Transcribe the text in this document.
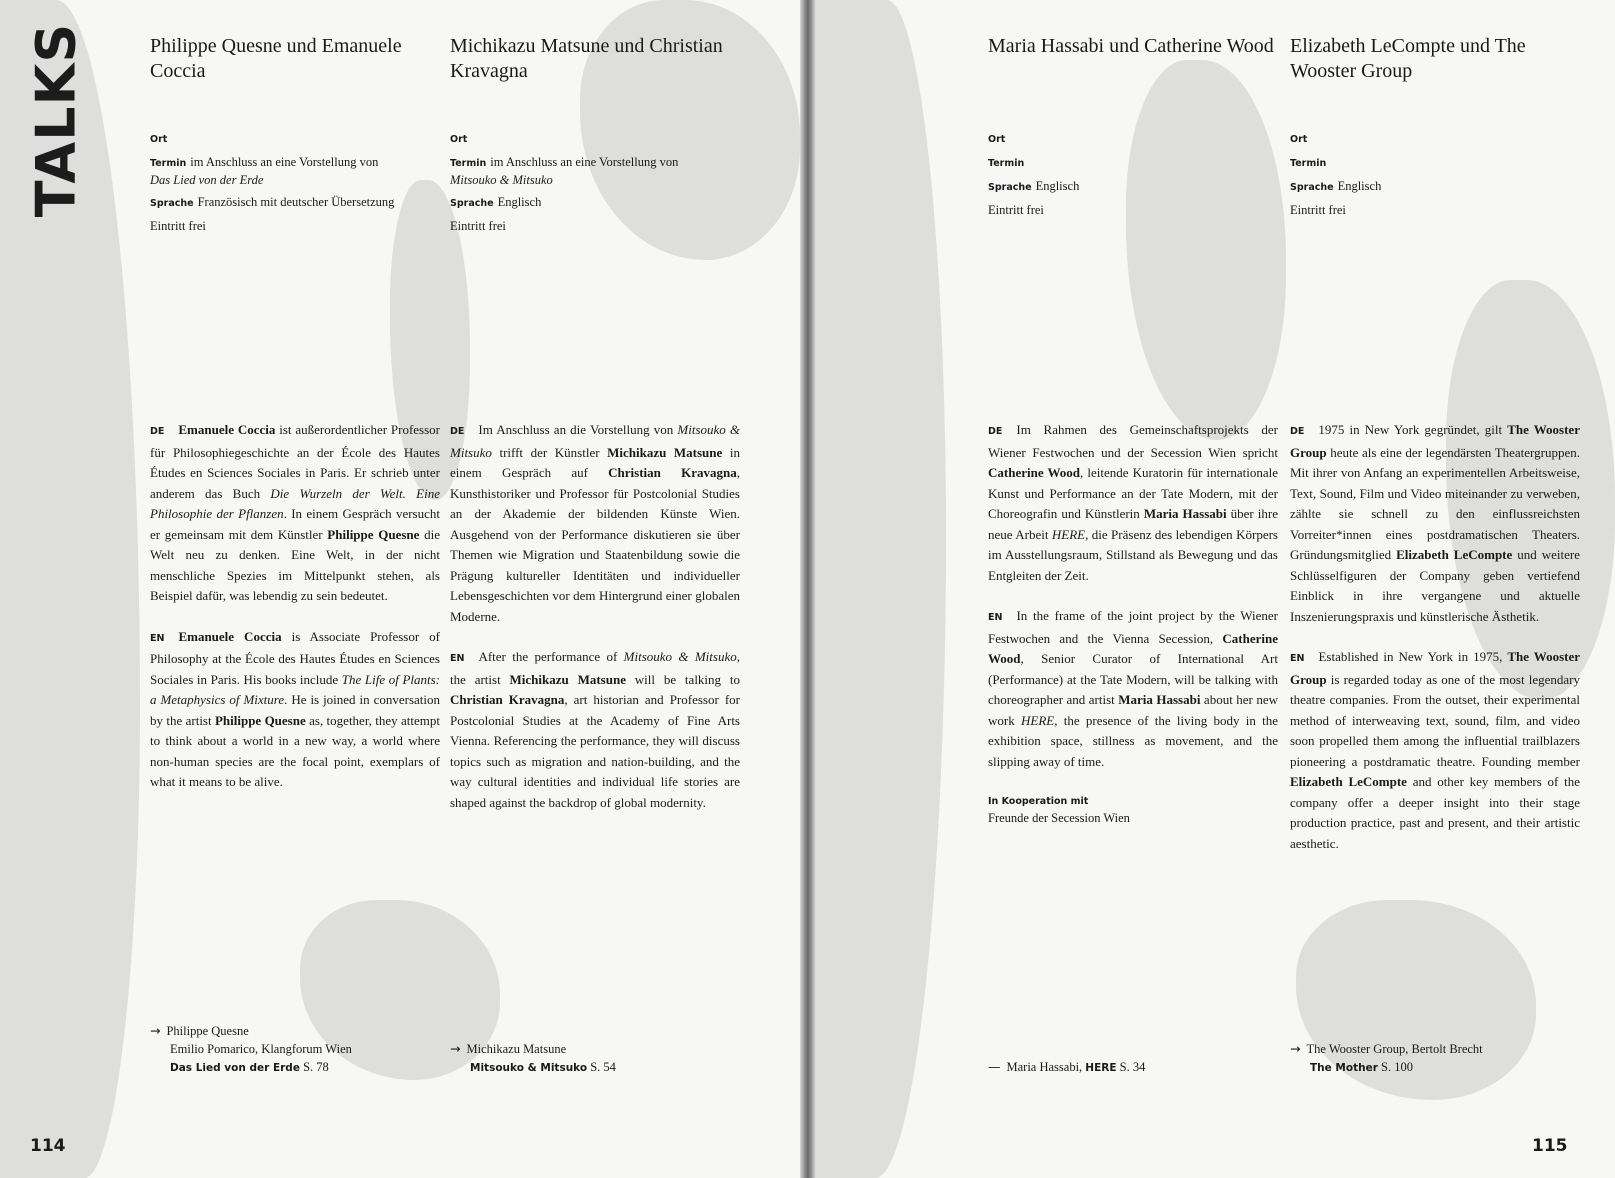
TALKS	Philippe Quesne und Emanuele Coccia
Ort
Termin im Anschluss an eine Vorstellung von
Das Lied von der Erde
Sprache Französisch mit deutscher Übersetzung
Eintritt frei

DE Emanuele Coccia ist außerordentlicher Professor für Philosophiegeschichte an der École des Hautes Études en Sciences Sociales in Paris. Er schrieb unter anderem das Buch Die Wurzeln der Welt. Eine Philosophie der Pflanzen. In einem Gespräch versucht er gemeinsam mit dem Künstler Philippe Quesne die Welt neu zu denken. Eine Welt, in der nicht menschliche Spezies im Mittelpunkt stehen, als Beispiel dafür, was lebendig zu sein bedeutet.

EN Emanuele Coccia is Associate Professor of Philosophy at the École des Hautes Études en Sciences Sociales in Paris. His books include The Life of Plants: a Metaphysics of Mixture. He is joined in conversation by the artist Philippe Quesne as, together, they attempt to think about a world in a new way, a world where non-human species are the focal point, exemplars of what it means to be alive.

→ Philippe Quesne
Emilio Pomarico, Klangforum Wien
Das Lied von der Erde S. 78
Michikazu Matsune und Christian Kravagna
Ort
Termin im Anschluss an eine Vorstellung von
Mitsouko & Mitsuko
Sprache Englisch
Eintritt frei

DE Im Anschluss an die Vorstellung von Mitsouko & Mitsuko trifft der Künstler Michikazu Matsune in einem Gespräch auf Christian Kravagna, Kunsthistoriker und Professor für Postcolonial Studies an der Akademie der bildenden Künste Wien. Ausgehend von der Performance diskutieren sie über Themen wie Migration und Staatenbildung sowie die Prägung kultureller Identitäten und individueller Lebensgeschichten vor dem Hintergrund einer globalen Moderne.

EN After the performance of Mitsouko & Mitsuko, the artist Michikazu Matsune will be talking to Christian Kravagna, art historian and Professor for Postcolonial Studies at the Academy of Fine Arts Vienna. Referencing the performance, they will discuss topics such as migration and nation-building, and the way cultural identities and individual life stories are shaped against the backdrop of global modernity.

→ Michikazu Matsune
Mitsouko & Mitsuko S. 54
114
Maria Hassabi und Catherine Wood
Ort
Termin
Sprache Englisch
Eintritt frei

DE Im Rahmen des Gemeinschaftsprojekts der Wiener Festwochen und der Secession Wien spricht Catherine Wood, leitende Kuratorin für internationale Kunst und Performance an der Tate Modern, mit der Choreografin und Künstlerin Maria Hassabi über ihre neue Arbeit HERE, die Präsenz des lebendigen Körpers im Ausstellungsraum, Stillstand als Bewegung und das Entgleiten der Zeit.

EN In the frame of the joint project by the Wiener Festwochen and the Vienna Secession, Catherine Wood, Senior Curator of International Art (Performance) at the Tate Modern, will be talking with choreographer and artist Maria Hassabi about her new work HERE, the presence of the living body in the exhibition space, stillness as movement, and the slipping away of time.

In Kooperation mit
Freunde der Secession Wien
— Maria Hassabi, HERE S. 34
Elizabeth LeCompte und The Wooster Group
Ort
Termin
Sprache Englisch
Eintritt frei

DE 1975 in New York gegründet, gilt The Wooster Group heute als eine der legendärsten Theatergruppen. Mit ihrer von Anfang an experimentellen Arbeitsweise, Text, Sound, Film und Video miteinander zu verweben, zählte sie schnell zu den einflussreichsten Vorreiter*innen eines postdramatischen Theaters. Gründungsmitglied Elizabeth LeCompte und weitere Schlüsselfiguren der Company geben vertiefend Einblick in ihre vergangene und aktuelle Inszenierungspraxis und künstlerische Ästhetik.

EN Established in New York in 1975, The Wooster Group is regarded today as one of the most legendary theatre companies. From the outset, their experimental method of interweaving text, sound, film, and video soon propelled them among the influential trailblazers pioneering a postdramatic theatre. Founding member Elizabeth LeCompte and other key members of the company offer a deeper insight into their stage production practice, past and present, and their artistic aesthetic.

→ The Wooster Group, Bertolt Brecht
The Mother S. 100
115
